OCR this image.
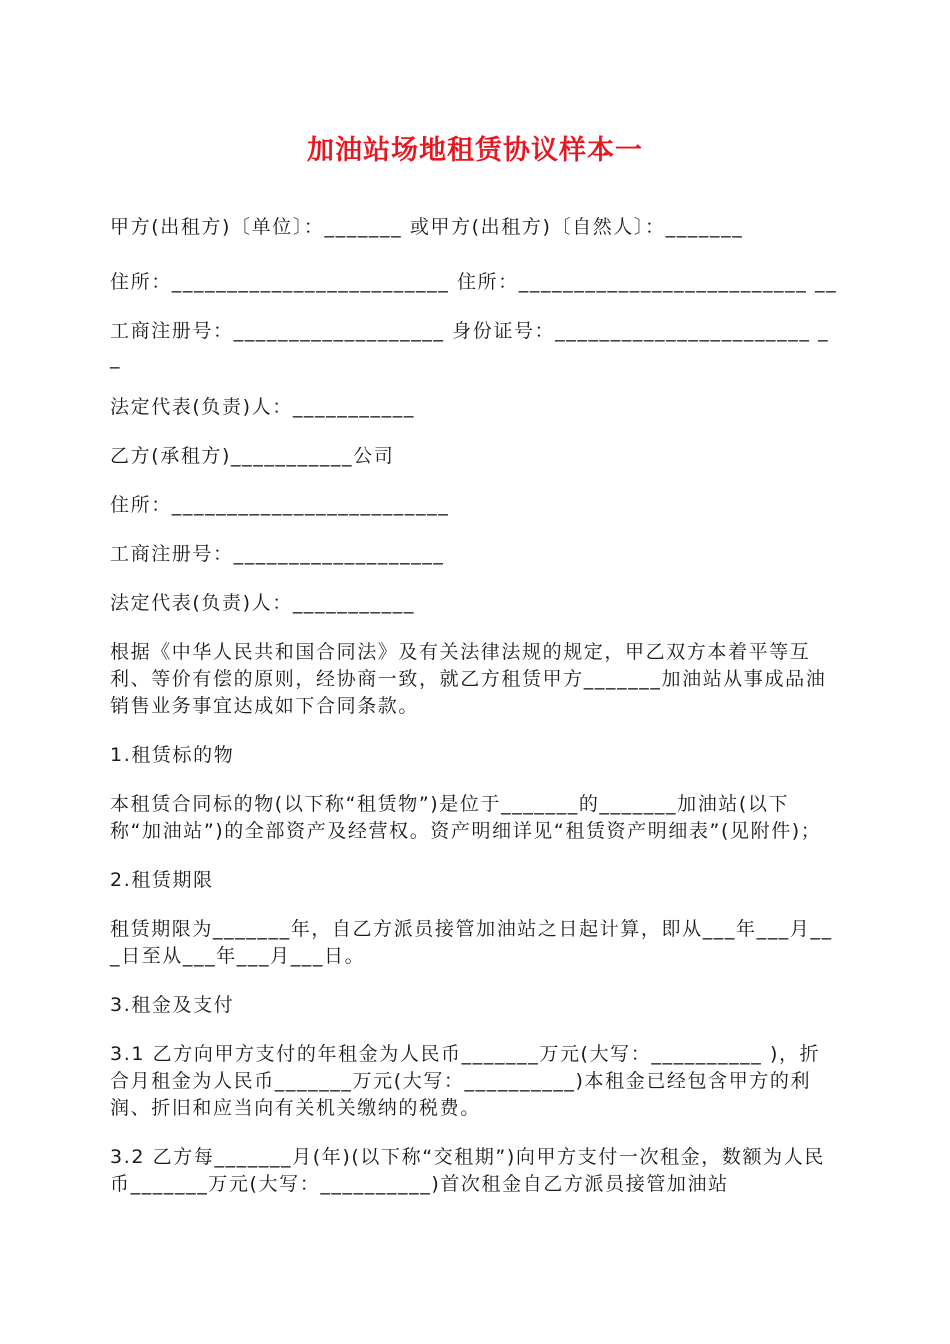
加油站场地租赁协议样本一

甲方(出租方)〔单位〕：_______ 或甲方(出租方)〔自然人〕：_______

住所：_________________________ 住所：__________________________ __

工商注册号：___________________ 身份证号：_______________________ __

法定代表(负责)人：___________

乙方(承租方)___________公司

住所：_________________________

工商注册号：___________________

法定代表(负责)人：___________

根据《中华人民共和国合同法》及有关法律法规的规定，甲乙双方本着平等互利、等价有偿的原则，经协商一致，就乙方租赁甲方_______加油站从事成品油销售业务事宜达成如下合同条款。

1.租赁标的物

本租赁合同标的物(以下称“租赁物”)是位于_______的_______加油站(以下称“加油站”)的全部资产及经营权。资产明细详见“租赁资产明细表”(见附件)；

2.租赁期限

租赁期限为_______年，自乙方派员接管加油站之日起计算，即从___年___月___日至从___年___月___日。

3.租金及支付

3.1 乙方向甲方支付的年租金为人民币_______万元(大写：__________ )，折合月租金为人民币_______万元(大写：__________)本租金已经包含甲方的利润、折旧和应当向有关机关缴纳的税费。

3.2 乙方每_______月(年)(以下称“交租期”)向甲方支付一次租金，数额为人民币_______万元(大写：__________)首次租金自乙方派员接管加油站
